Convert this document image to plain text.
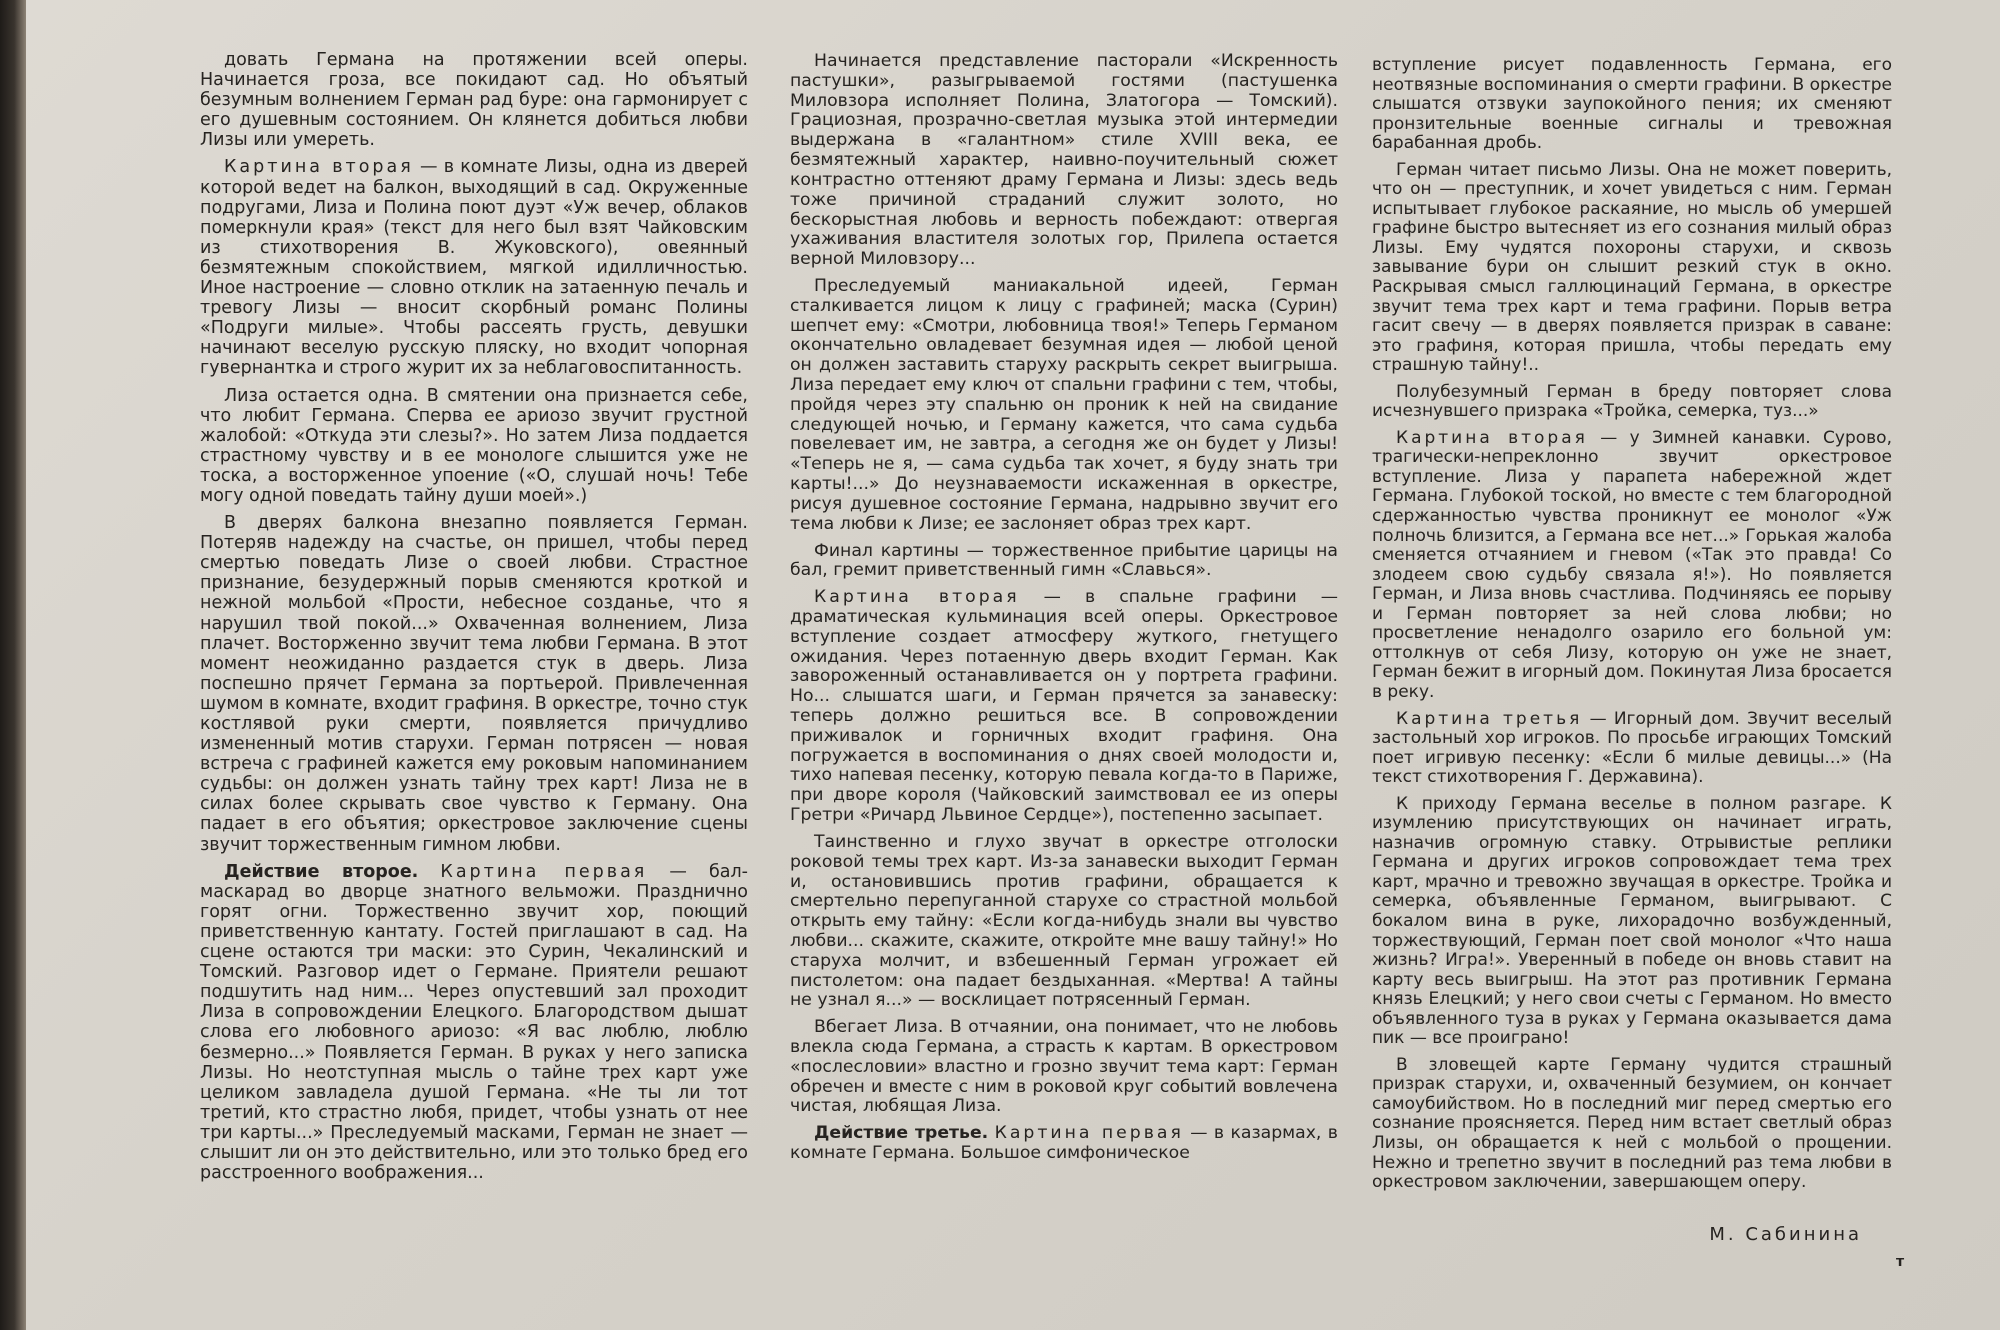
довать Германа на протяжении всей оперы. Начинается гроза, все покидают сад. Но объятый безумным волнением Герман рад буре: она гармонирует с его душевным состоянием. Он клянется добиться любви Лизы или умереть.

Картина вторая — в комнате Лизы, одна из дверей которой ведет на балкон, выходящий в сад. Окруженные подругами, Лиза и Полина поют дуэт «Уж вечер, облаков померкнули края» (текст для него был взят Чайковским из стихотворения В. Жуковского), овеянный безмятежным спокойствием, мягкой идилличностью. Иное настроение — словно отклик на затаенную печаль и тревогу Лизы — вносит скорбный романс Полины «Подруги милые». Чтобы рассеять грусть, девушки начинают веселую русскую пляску, но входит чопорная гувернантка и строго журит их за неблаговоспитанность.

Лиза остается одна. В смятении она признается себе, что любит Германа. Сперва ее ариозо звучит грустной жалобой: «Откуда эти слезы?». Но затем Лиза поддается страстному чувству и в ее монологе слышится уже не тоска, а восторженное упоение («О, слушай ночь! Тебе могу одной поведать тайну души моей».)

В дверях балкона внезапно появляется Герман. Потеряв надежду на счастье, он пришел, чтобы перед смертью поведать Лизе о своей любви. Страстное признание, безудержный порыв сменяются кроткой и нежной мольбой «Прости, небесное созданье, что я нарушил твой покой...» Охваченная волнением, Лиза плачет. Восторженно звучит тема любви Германа. В этот момент неожиданно раздается стук в дверь. Лиза поспешно прячет Германа за портьерой. Привлеченная шумом в комнате, входит графиня. В оркестре, точно стук костлявой руки смерти, появляется причудливо измененный мотив старухи. Герман потрясен — новая встреча с графиней кажется ему роковым напоминанием судьбы: он должен узнать тайну трех карт! Лиза не в силах более скрывать свое чувство к Герману. Она падает в его объятия; оркестровое заключение сцены звучит торжественным гимном любви.

Действие второе. Картина первая — бал-маскарад во дворце знатного вельможи. Празднично горят огни. Торжественно звучит хор, поющий приветственную кантату. Гостей приглашают в сад. На сцене остаются три маски: это Сурин, Чекалинский и Томский. Разговор идет о Германе. Приятели решают подшутить над ним... Через опустевший зал проходит Лиза в сопровождении Елецкого. Благородством дышат слова его любовного ариозо: «Я вас люблю, люблю безмерно...» Появляется Герман. В руках у него записка Лизы. Но неотступная мысль о тайне трех карт уже целиком завладела душой Германа. «Не ты ли тот третий, кто страстно любя, придет, чтобы узнать от нее три карты...» Преследуемый масками, Герман не знает — слышит ли он это действительно, или это только бред его расстроенного воображения...

Начинается представление пасторали «Искренность пастушки», разыгрываемой гостями (пастушенка Миловзора исполняет Полина, Златогора — Томский). Грациозная, прозрачно-светлая музыка этой интермедии выдержана в «галантном» стиле XVIII века, ее безмятежный характер, наивно-поучительный сюжет контрастно оттеняют драму Германа и Лизы: здесь ведь тоже причиной страданий служит золото, но бескорыстная любовь и верность побеждают: отвергая ухаживания властителя золотых гор, Прилепа остается верной Миловзору...

Преследуемый маниакальной идеей, Герман сталкивается лицом к лицу с графиней; маска (Сурин) шепчет ему: «Смотри, любовница твоя!» Теперь Германом окончательно овладевает безумная идея — любой ценой он должен заставить старуху раскрыть секрет выигрыша. Лиза передает ему ключ от спальни графини с тем, чтобы, пройдя через эту спальню он проник к ней на свидание следующей ночью, и Герману кажется, что сама судьба повелевает им, не завтра, а сегодня же он будет у Лизы! «Теперь не я, — сама судьба так хочет, я буду знать три карты!...» До неузнаваемости искаженная в оркестре, рисуя душевное состояние Германа, надрывно звучит его тема любви к Лизе; ее заслоняет образ трех карт.

Финал картины — торжественное прибытие царицы на бал, гремит приветственный гимн «Славься».

Картина вторая — в спальне графини — драматическая кульминация всей оперы. Оркестровое вступление создает атмосферу жуткого, гнетущего ожидания. Через потаенную дверь входит Герман. Как завороженный останавливается он у портрета графини. Но... слышатся шаги, и Герман прячется за занавеску: теперь должно решиться все. В сопровождении приживалок и горничных входит графиня. Она погружается в воспоминания о днях своей молодости и, тихо напевая песенку, которую певала когда-то в Париже, при дворе короля (Чайковский заимствовал ее из оперы Гретри «Ричард Львиное Сердце»), постепенно засыпает.

Таинственно и глухо звучат в оркестре отголоски роковой темы трех карт. Из-за занавески выходит Герман и, остановившись против графини, обращается к смертельно перепуганной старухе со страстной мольбой открыть ему тайну: «Если когда-нибудь знали вы чувство любви... скажите, скажите, откройте мне вашу тайну!» Но старуха молчит, и взбешенный Герман угрожает ей пистолетом: она падает бездыханная. «Мертва! А тайны не узнал я...» — восклицает потрясенный Герман.

Вбегает Лиза. В отчаянии, она понимает, что не любовь влекла сюда Германа, а страсть к картам. В оркестровом «послесловии» властно и грозно звучит тема карт: Герман обречен и вместе с ним в роковой круг событий вовлечена чистая, любящая Лиза.

Действие третье. Картина первая — в казармах, в комнате Германа. Большое симфоническое

вступление рисует подавленность Германа, его неотвязные воспоминания о смерти графини. В оркестре слышатся отзвуки заупокойного пения; их сменяют пронзительные военные сигналы и тревожная барабанная дробь.

Герман читает письмо Лизы. Она не может поверить, что он — преступник, и хочет увидеться с ним. Герман испытывает глубокое раскаяние, но мысль об умершей графине быстро вытесняет из его сознания милый образ Лизы. Ему чудятся похороны старухи, и сквозь завывание бури он слышит резкий стук в окно. Раскрывая смысл галлюцинаций Германа, в оркестре звучит тема трех карт и тема графини. Порыв ветра гасит свечу — в дверях появляется призрак в саване: это графиня, которая пришла, чтобы передать ему страшную тайну!..

Полубезумный Герман в бреду повторяет слова исчезнувшего призрака «Тройка, семерка, туз...»

Картина вторая — у Зимней канавки. Сурово, трагически-непреклонно звучит оркестровое вступление. Лиза у парапета набережной ждет Германа. Глубокой тоской, но вместе с тем благородной сдержанностью чувства проникнут ее монолог «Уж полночь близится, а Германа все нет...» Горькая жалоба сменяется отчаянием и гневом («Так это правда! Со злодеем свою судьбу связала я!»). Но появляется Герман, и Лиза вновь счастлива. Подчиняясь ее порыву и Герман повторяет за ней слова любви; но просветление ненадолго озарило его больной ум: оттолкнув от себя Лизу, которую он уже не знает, Герман бежит в игорный дом. Покинутая Лиза бросается в реку.

Картина третья — Игорный дом. Звучит веселый застольный хор игроков. По просьбе играющих Томский поет игривую песенку: «Если б милые девицы...» (На текст стихотворения Г. Державина).

К приходу Германа веселье в полном разгаре. К изумлению присутствующих он начинает играть, назначив огромную ставку. Отрывистые реплики Германа и других игроков сопровождает тема трех карт, мрачно и тревожно звучащая в оркестре. Тройка и семерка, объявленные Германом, выигрывают. С бокалом вина в руке, лихорадочно возбужденный, торжествующий, Герман поет свой монолог «Что наша жизнь? Игра!». Уверенный в победе он вновь ставит на карту весь выигрыш. На этот раз противник Германа князь Елецкий; у него свои счеты с Германом. Но вместо объявленного туза в руках у Германа оказывается дама пик — все проиграно!

В зловещей карте Герману чудится страшный призрак старухи, и, охваченный безумием, он кончает самоубийством. Но в последний миг перед смертью его сознание проясняется. Перед ним встает светлый образ Лизы, он обращается к ней с мольбой о прощении. Нежно и трепетно звучит в последний раз тема любви в оркестровом заключении, завершающем оперу.

М. Сабинина
т
